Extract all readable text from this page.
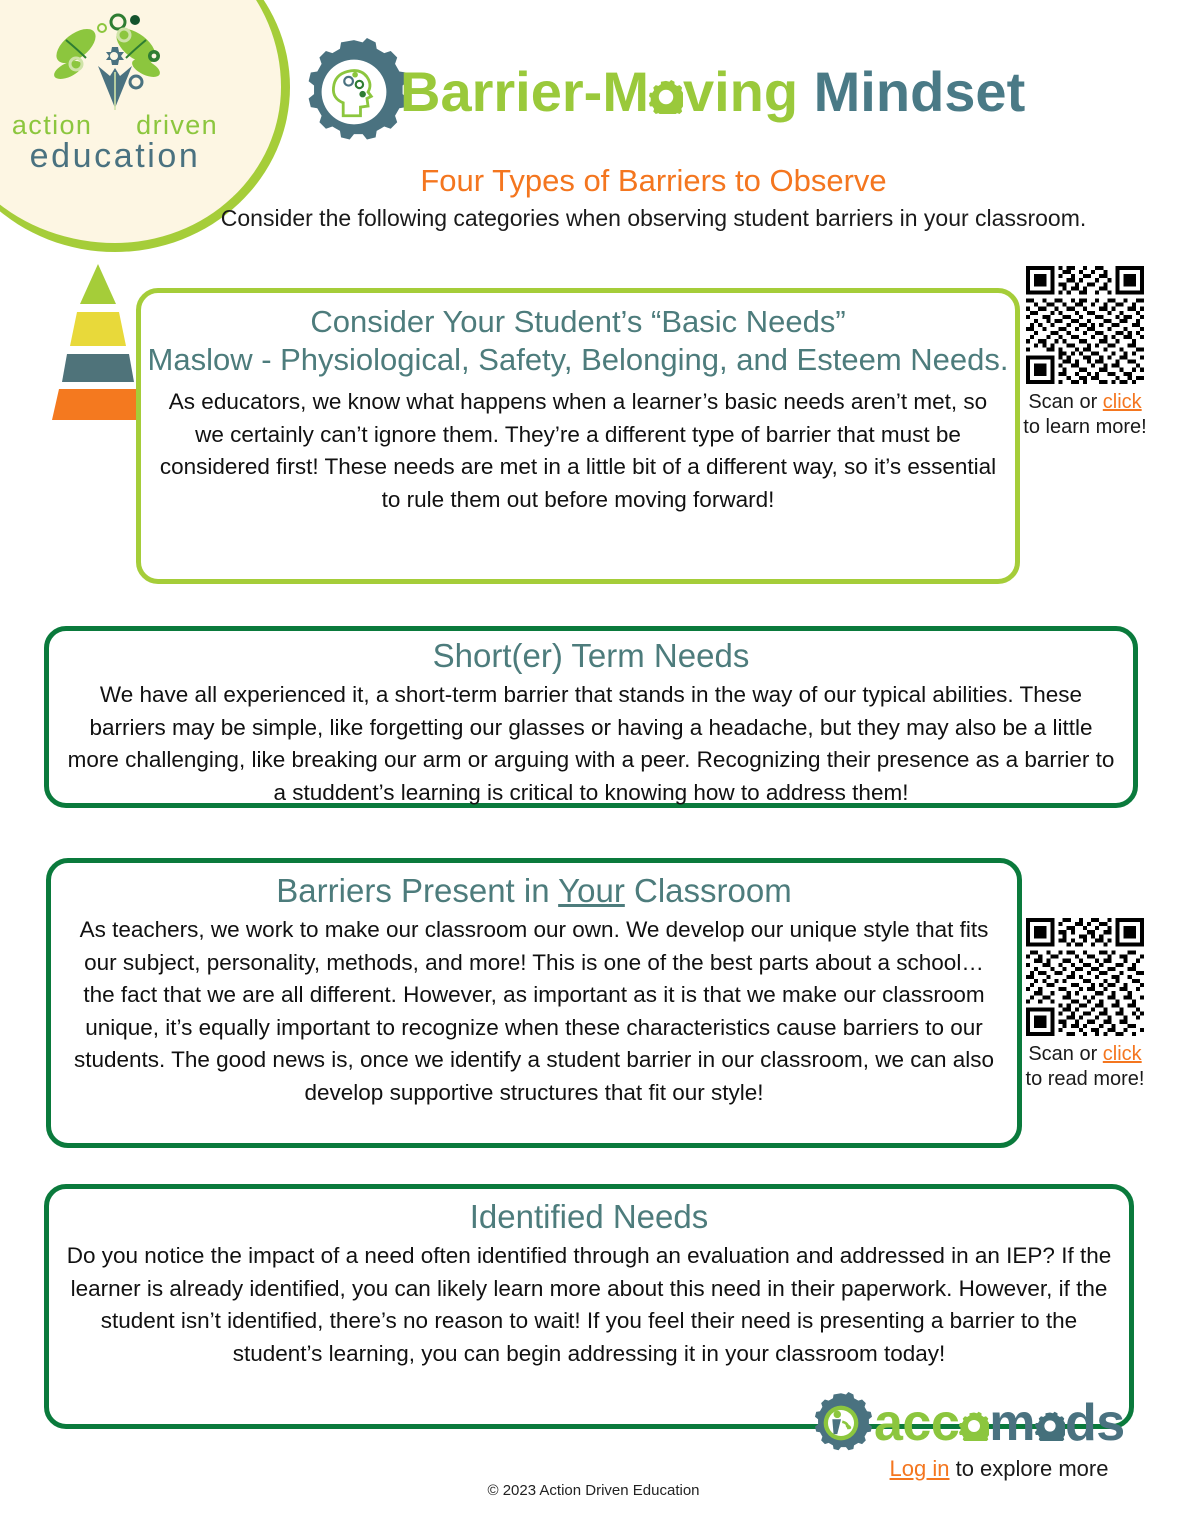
action driven
education
Barrier-M ving Mindset
Four Types of Barriers to Observe
Consider the following categories when observing student barriers in your classroom.
Consider Your Student’s “Basic Needs”
Maslow - Physiological, Safety, Belonging, and Esteem Needs.
As educators, we know what happens when a learner’s basic needs aren’t met, so we certainly can’t ignore them. They’re a different type of barrier that must be considered first! These needs are met in a little bit of a different way, so it’s essential to rule them out before moving forward!
Short(er) Term Needs
We have all experienced it, a short-term barrier that stands in the way of our typical abilities. These barriers may be simple, like forgetting our glasses or having a headache, but they may also be a little more challenging, like breaking our arm or arguing with a peer. Recognizing their presence as a barrier to a studdent’s learning is critical to knowing how to address them!
Barriers Present in Your Classroom
As teachers, we work to make our classroom our own. We develop our unique style that fits our subject, personality, methods, and more! This is one of the best parts about a school…the fact that we are all different. However, as important as it is that we make our classroom unique, it’s equally important to recognize when these characteristics cause barriers to our students. The good news is, once we identify a student barrier in our classroom, we can also develop supportive structures that fit our style!
Identified Needs
Do you notice the impact of a need often identified through an evaluation and addressed in an IEP? If the learner is already identified, you can likely learn more about this need in their paperwork. However, if the student isn’t identified, there’s no reason to wait! If you feel their need is presenting a barrier to the student’s learning, you can begin addressing it in your classroom today!
Scan or click
to learn more!
Scan or click
to read more!
acc m ds
Log in to explore more
© 2023 Action Driven Education
